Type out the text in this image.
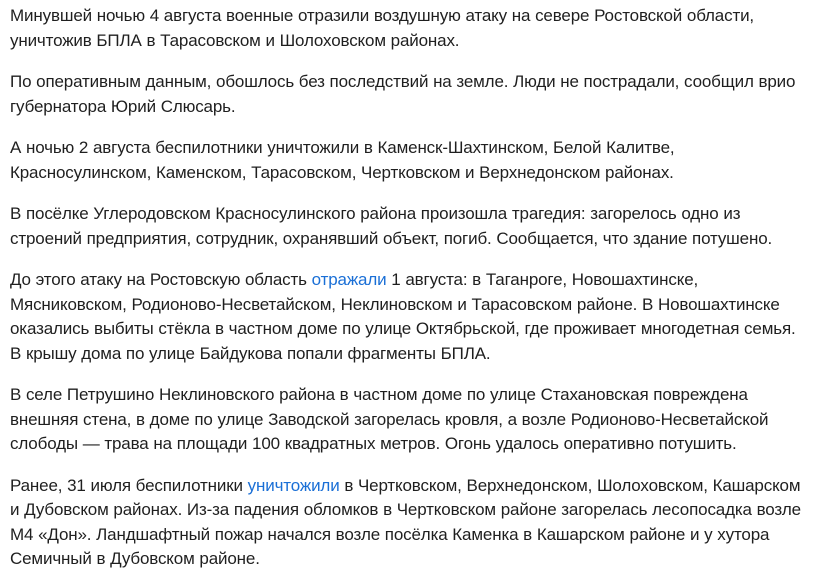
Минувшей ночью 4 августа военные отразили воздушную атаку на севере Ростовской области, уничтожив БПЛА в Тарасовском и Шолоховском районах.

По оперативным данным, обошлось без последствий на земле. Люди не пострадали, сообщил врио губернатора Юрий Слюсарь.

А ночью 2 августа беспилотники уничтожили в Каменск-Шахтинском, Белой Калитве, Красносулинском, Каменском, Тарасовском, Чертковском и Верхнедонском районах.

В посёлке Углеродовском Красносулинского района произошла трагедия: загорелось одно из строений предприятия, сотрудник, охранявший объект, погиб. Сообщается, что здание потушено.

До этого атаку на Ростовскую область отражали 1 августа: в Таганроге, Новошахтинске, Мясниковском, Родионово-Несветайском, Неклиновском и Тарасовском районе. В Новошахтинске оказались выбиты стёкла в частном доме по улице Октябрьской, где проживает многодетная семья. В крышу дома по улице Байдукова попали фрагменты БПЛА.

В селе Петрушино Неклиновского района в частном доме по улице Стахановская повреждена внешняя стена, в доме по улице Заводской загорелась кровля, а возле Родионово-Несветайской слободы — трава на площади 100 квадратных метров. Огонь удалось оперативно потушить.

Ранее, 31 июля беспилотники уничтожили в Чертковском, Верхнедонском, Шолоховском, Кашарском и Дубовском районах. Из-за падения обломков в Чертковском районе загорелась лесопосадка возле М4 «Дон». Ландшафтный пожар начался возле посёлка Каменка в Кашарском районе и у хутора Семичный в Дубовском районе.
